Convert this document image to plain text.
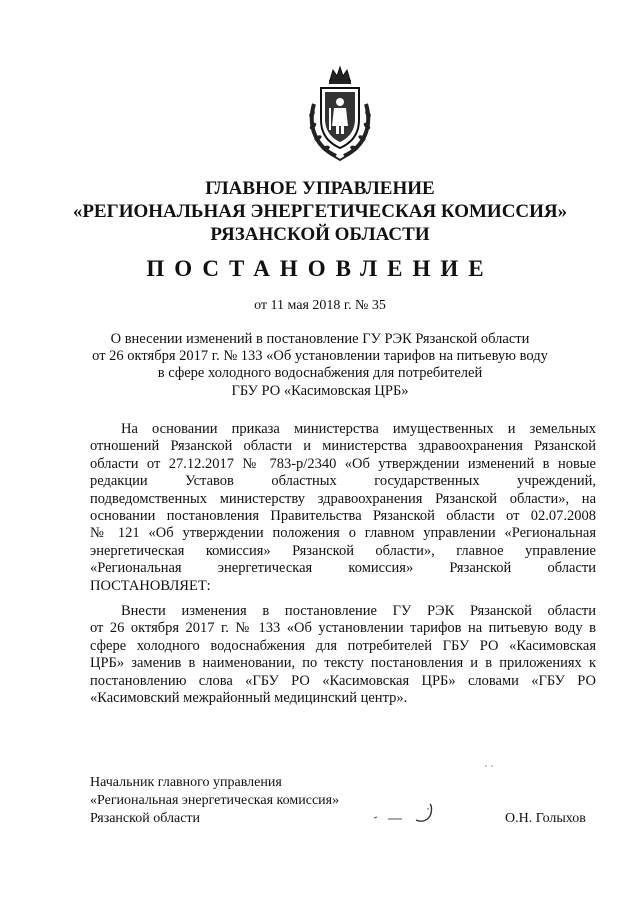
ГЛАВНОЕ УПРАВЛЕНИЕ
«РЕГИОНАЛЬНАЯ ЭНЕРГЕТИЧЕСКАЯ КОМИССИЯ»
РЯЗАНСКОЙ ОБЛАСТИ
ПОСТАНОВЛЕНИЕ
от 11 мая 2018 г. № 35
О внесении изменений в постановление ГУ РЭК Рязанской области
от 26 октября 2017 г. № 133 «Об установлении тарифов на питьевую воду
в сфере холодного водоснабжения для потребителей
ГБУ РО «Касимовская ЦРБ»
На основании приказа министерства имущественных и земельных
отношений Рязанской области и министерства здравоохранения Рязанской
области от 27.12.2017 № 783-р/2340 «Об утверждении изменений в новые
редакции Уставов областных государственных учреждений,
подведомственных министерству здравоохранения Рязанской области», на
основании постановления Правительства Рязанской области от 02.07.2008
№ 121 «Об утверждении положения о главном управлении «Региональная
энергетическая комиссия» Рязанской области», главное управление
«Региональная энергетическая комиссия» Рязанской области
ПОСТАНОВЛЯЕТ:
Внести изменения в постановление ГУ РЭК Рязанской области
от 26 октября 2017 г. № 133 «Об установлении тарифов на питьевую воду в
сфере холодного водоснабжения для потребителей ГБУ РО «Касимовская
ЦРБ» заменив в наименовании, по тексту постановления и в приложениях к
постановлению слова «ГБУ РО «Касимовская ЦРБ» словами «ГБУ РО
«Касимовский межрайонный медицинский центр».
Начальник главного управления
«Региональная энергетическая комиссия»
Рязанской области	О.Н. Голыхов
